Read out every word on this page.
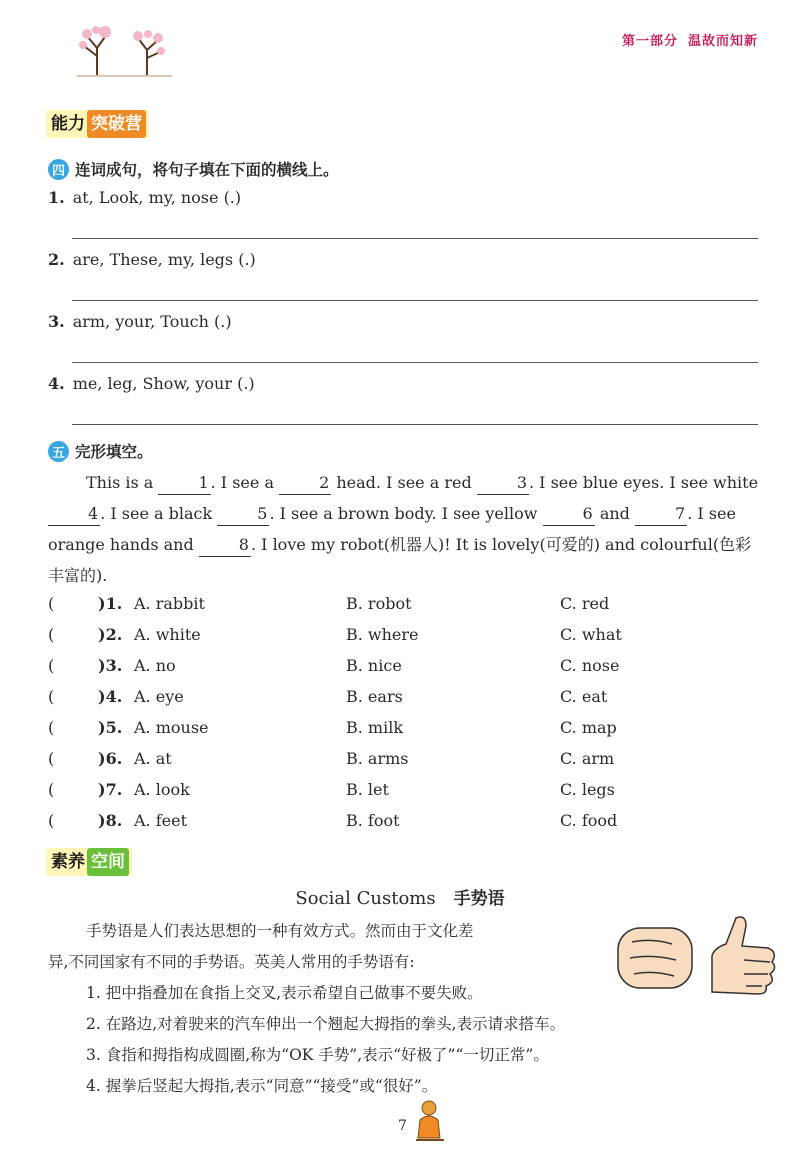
第一部分 温故而知新
能力 突破营
四 连词成句，将句子填在下面的横线上。
1. at, Look, my, nose (.)
2. are, These, my, legs (.)
3. arm, your, Touch (.)
4. me, leg, Show, your (.)
五 完形填空。
This is a	1 . I see a	2 head. I see a red	3 . I see blue eyes. I see white 4 . I see a black	5 . I see a brown body. I see yellow	6 and	7 . I see orange hands and	8 . I love my robot(机器人)! It is lovely(可爱的) and colourful(色彩丰富的).
(	)1. A. rabbit	B. robot	C. red
(	)2. A. white	B. where	C. what
(	)3. A. no	B. nice	C. nose
(	)4. A. eye	B. ears	C. eat
(	)5. A. mouse	B. milk	C. map
(	)6. A. at	B. arms	C. arm
(	)7. A. look	B. let	C. legs
(	)8. A. feet	B. foot	C. food
素养 空间
Social Customs 手势语
手势语是人们表达思想的一种有效方式。然而由于文化差
异,不同国家有不同的手势语。英美人常用的手势语有:
1. 把中指叠加在食指上交叉,表示希望自己做事不要失败。
2. 在路边,对着驶来的汽车伸出一个翘起大拇指的拳头,表示请求搭车。
3. 食指和拇指构成圆圈,称为“OK 手势”,表示“好极了”“一切正常”。
4. 握拳后竖起大拇指,表示“同意”“接受”或“很好”。
7
